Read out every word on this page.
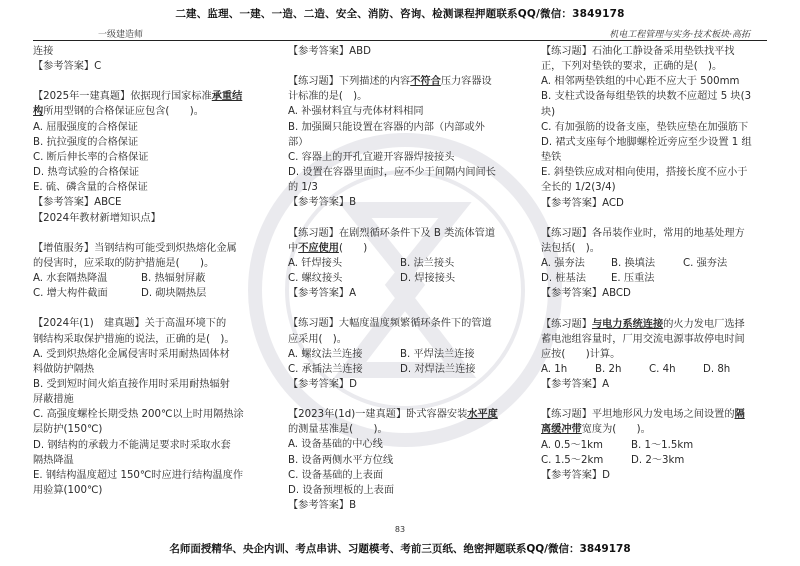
二建、监理、一建、一造、二造、安全、消防、咨询、检测课程押题联系QQ/微信：3849178
一级建造师	机电工程管理与实务·技术板块·高拓
连接
【参考答案】C
【2025年一建真题】依据现行国家标准承重结
构所用型钢的合格保证应包含(　　)。
A. 屈服强度的合格保证
B. 抗拉强度的合格保证
C. 断后伸长率的合格保证
D. 热弯试验的合格保证
E. 硫、磷含量的合格保证
【参考答案】ABCE
【2024年教材新增知识点】
【增值服务】当钢结构可能受到炽热熔化金属
的侵害时，应采取的防护措施是(　　)。
A. 水套隔热降温	B. 热辐射屏蔽
C. 增大构件截面	D. 砌块隔热层
【2024年(1)　建真题】关于高温环境下的
钢结构采取保护措施的说法，正确的是(　)。
A. 受到炽热熔化金属侵害时采用耐热固体材
料做防护隔热
B. 受到短时间火焰直接作用时采用耐热辐射
屏蔽措施
C. 高强度螺栓长期受热 200℃以上时用隔热涂
层防护(150℃)
D. 钢结构的承载力不能满足要求时采取水套
隔热降温
E. 钢结构温度超过 150℃时应进行结构温度作
用验算(100℃)
【参考答案】ABD
【练习题】下列描述的内容不符合压力容器设
计标准的是(　)。
A. 补强材料宜与壳体材料相同
B. 加强圈只能设置在容器的内部（内部或外
部）
C. 容器上的开孔宜避开容器焊接接头
D. 设置在容器里面时，应不少于间隔内间间长
的 1/3
【参考答案】B
【练习题】在剧烈循环条件下及 B 类流体管道
中不应使用(　　)
A. 钎焊接头	B. 法兰接头
C. 螺纹接头	D. 焊接接头
【参考答案】A
【练习题】大幅度温度频繁循环条件下的管道
应采用(　)。
A. 螺纹法兰连接	B. 平焊法兰连接
C. 承插法兰连接	D. 对焊法兰连接
【参考答案】D
【2023年(1d)一建真题】卧式容器安装水平度
的测量基准是(　　)。
A. 设备基础的中心线
B. 设备两侧水平方位线
C. 设备基础的上表面
D. 设备预埋板的上表面
【参考答案】B
【练习题】石油化工静设备采用垫铁找平找
正，下列对垫铁的要求，正确的是(　)。
A. 相邻两垫铁组的中心距不应大于 500mm
B. 支柱式设备每组垫铁的块数不应超过 5 块(3
块)
C. 有加强筋的设备支座，垫铁应垫在加强筋下
D. 裙式支座每个地脚螺栓近旁应至少设置 1 组
垫铁
E. 斜垫铁应成对相向使用，搭接长度不应小于
全长的 1/2(3/4)
【参考答案】ACD
【练习题】各吊装作业时，常用的地基处理方
法包括(　)。
A. 强夯法	B. 换填法	C. 强夯法
D. 桩基法 E. 压重法
【参考答案】ABCD
【练习题】与电力系统连接的火力发电厂选择
蓄电池组容量时，厂用交流电源事故停电时间
应按(　　)计算。
A. 1h	B. 2h	C. 4h	D. 8h
【参考答案】A
【练习题】平坦地形风力发电场之间设置的隔
离缓冲带宽度为(　　)。
A. 0.5～1km	B. 1～1.5km
C. 1.5～2km	D. 2～3km
【参考答案】D
83
名师面授精华、央企内训、考点串讲、习题模考、考前三页纸、绝密押题联系QQ/微信：3849178
